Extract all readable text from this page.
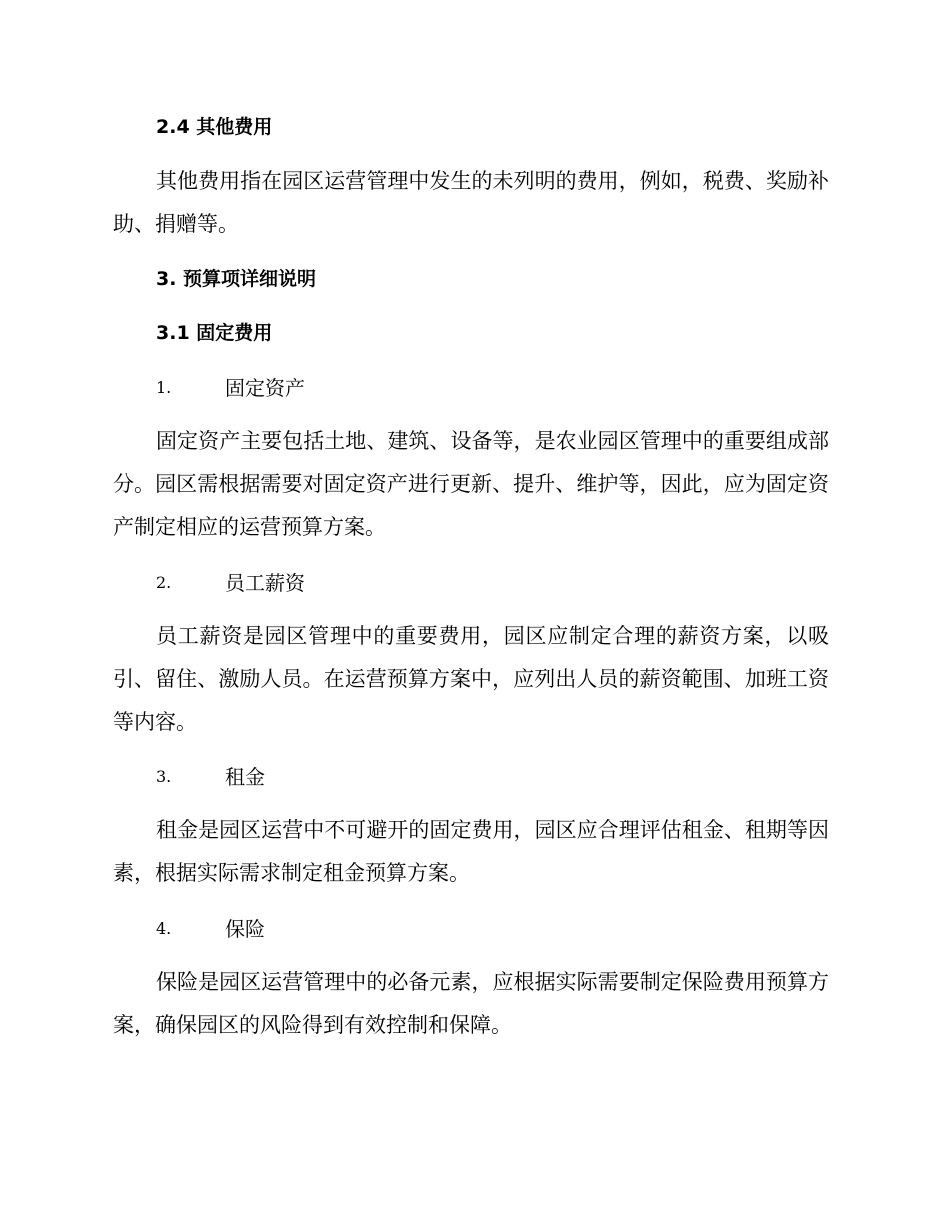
2.4 其他费用

其他费用指在园区运营管理中发生的未列明的费用，例如，税费、奖励补助、捐赠等。

3. 预算项详细说明
3.1 固定费用
1.	固定资产

固定资产主要包括土地、建筑、设备等，是农业园区管理中的重要组成部分。园区需根据需要对固定资产进行更新、提升、维护等，因此，应为固定资产制定相应的运营预算方案。

2.	员工薪资

员工薪资是园区管理中的重要费用，园区应制定合理的薪资方案，以吸引、留住、激励人员。在运营预算方案中，应列出人员的薪资範围、加班工资等内容。

3.	租金

租金是园区运营中不可避开的固定费用，园区应合理评估租金、租期等因素，根据实际需求制定租金预算方案。

4.	保险

保险是园区运营管理中的必备元素，应根据实际需要制定保险费用预算方案，确保园区的风险得到有效控制和保障。
